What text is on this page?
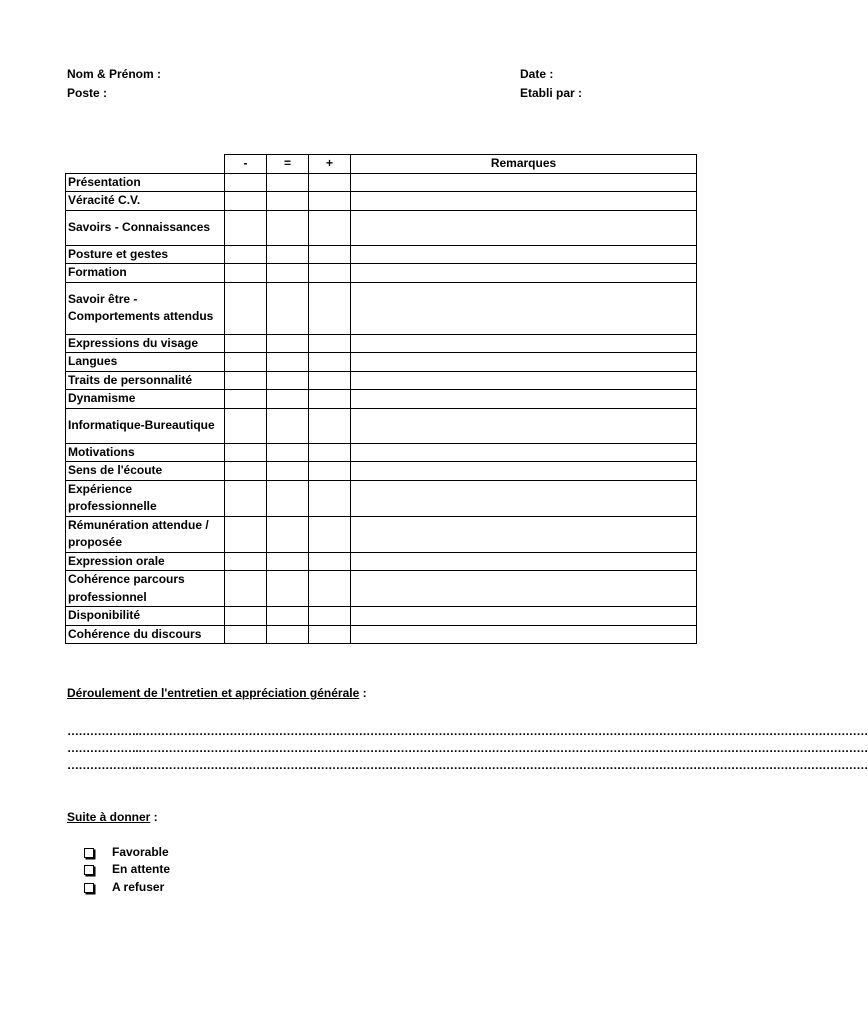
Nom & Prénom :
Poste :
Date :
Etabli par :
	-	=	+	Remarques
Présentation				
Véracité C.V.				
Savoirs - Connaissances				
Posture et gestes				
Formation				
Savoir être - Comportements attendus				
Expressions du visage				
Langues				
Traits de personnalité				
Dynamisme				
Informatique-Bureautique				
Motivations				
Sens de l'écoute				
Expérience professionnelle				
Rémunération attendue / proposée				
Expression orale				
Cohérence parcours professionnel				
Disponibilité				
Cohérence du discours				
Déroulement de l'entretien et appréciation générale :
……………….…………………………………………………………………………………………………………………………………………………………………………
……………….…………………………………………………………………………………………………………………………………………………………………………
……………….…………………………………………………………………………………………………………………………………………………………………………
Suite à donner :
Favorable
En attente
A refuser
